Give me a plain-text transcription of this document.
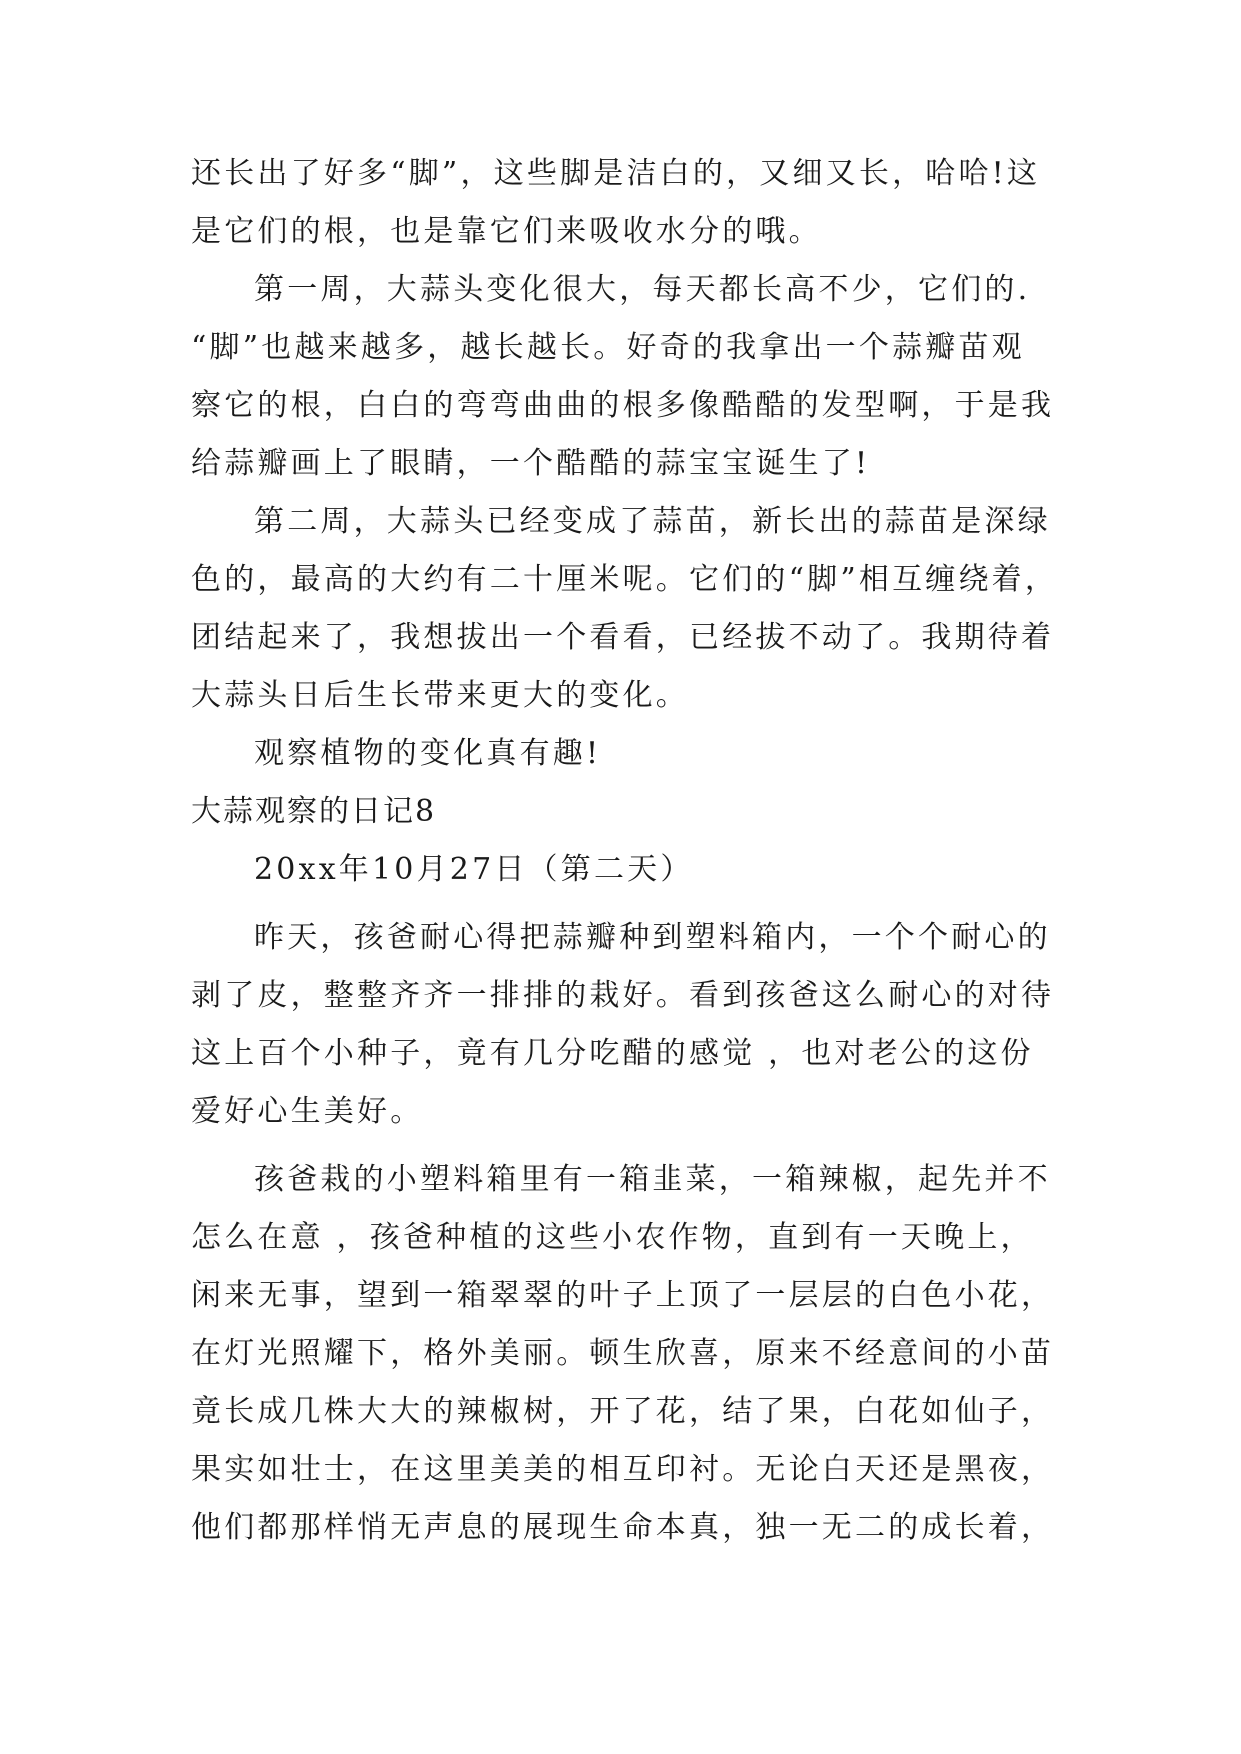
还长出了好多“脚”，这些脚是洁白的，又细又长，哈哈!这
是它们的根，也是靠它们来吸收水分的哦。
第一周，大蒜头变化很大，每天都长高不少，它们的.
“脚”也越来越多，越长越长。好奇的我拿出一个蒜瓣苗观
察它的根，白白的弯弯曲曲的根多像酷酷的发型啊，于是我
给蒜瓣画上了眼睛，一个酷酷的蒜宝宝诞生了!
第二周，大蒜头已经变成了蒜苗，新长出的蒜苗是深绿
色的，最高的大约有二十厘米呢。它们的“脚”相互缠绕着，
团结起来了，我想拔出一个看看，已经拔不动了。我期待着
大蒜头日后生长带来更大的变化。
观察植物的变化真有趣!
大蒜观察的日记8
20xx年10月27日（第二天）
昨天，孩爸耐心得把蒜瓣种到塑料箱内，一个个耐心的
剥了皮，整整齐齐一排排的栽好。看到孩爸这么耐心的对待
这上百个小种子，竟有几分吃醋的感觉 ，也对老公的这份
爱好心生美好。
孩爸栽的小塑料箱里有一箱韭菜，一箱辣椒，起先并不
怎么在意 ，孩爸种植的这些小农作物，直到有一天晚上，
闲来无事，望到一箱翠翠的叶子上顶了一层层的白色小花，
在灯光照耀下，格外美丽。顿生欣喜，原来不经意间的小苗
竟长成几株大大的辣椒树，开了花，结了果，白花如仙子，
果实如壮士，在这里美美的相互印衬。无论白天还是黑夜，
他们都那样悄无声息的展现生命本真，独一无二的成长着，
